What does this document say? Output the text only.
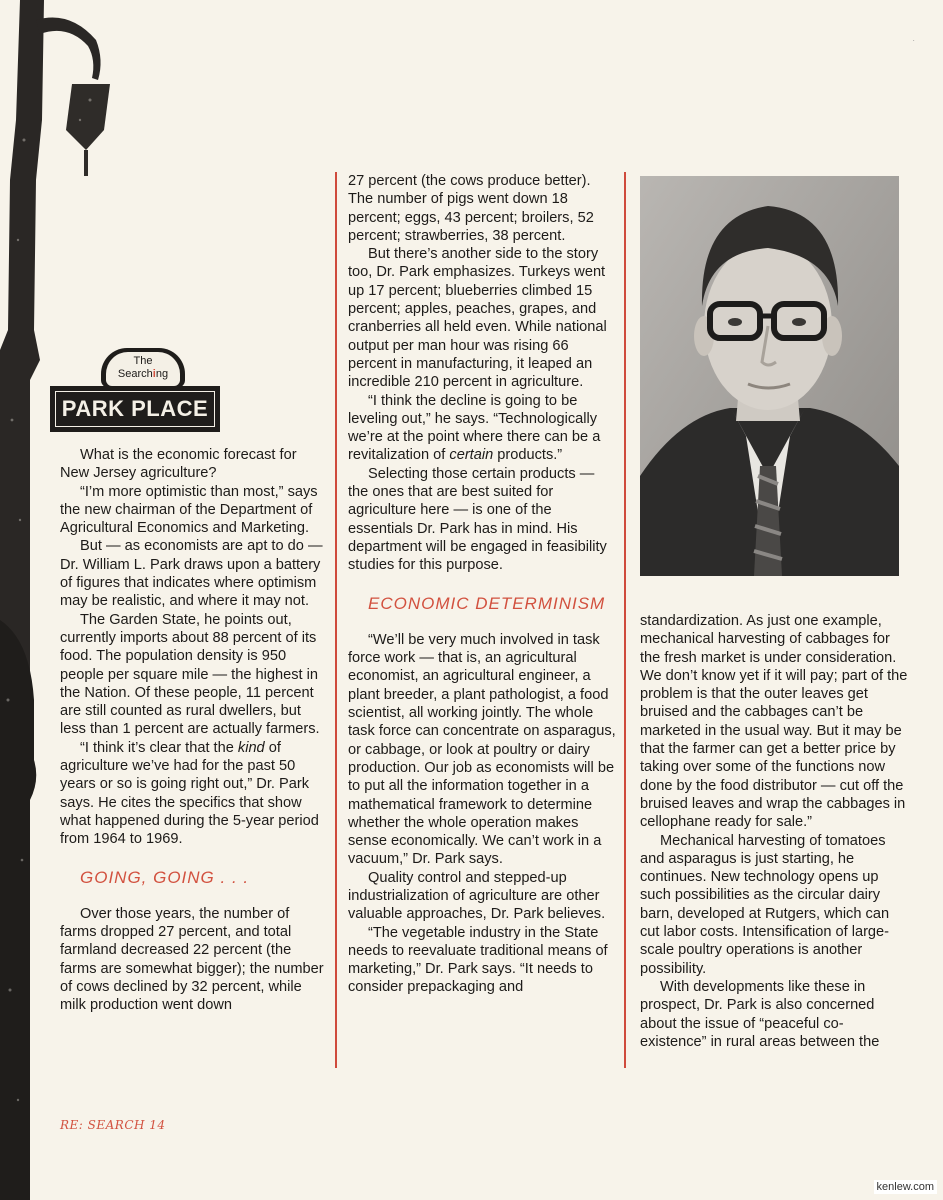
The
Searching
PARK PLACE

What is the economic forecast for New Jersey agriculture?

“I’m more optimistic than most,” says the new chairman of the Department of Agricultural Economics and Marketing.

But — as economists are apt to do — Dr. William L. Park draws upon a battery of figures that indicates where optimism may be realistic, and where it may not.

The Garden State, he points out, currently imports about 88 percent of its food. The population density is 950 people per square mile — the highest in the Nation. Of these people, 11 percent are still counted as rural dwellers, but less than 1 percent are actually farmers.

“I think it’s clear that the kind of agriculture we’ve had for the past 50 years or so is going right out,” Dr. Park says. He cites the specifics that show what happened during the 5-year period from 1964 to 1969.

GOING, GOING . . .

Over those years, the number of farms dropped 27 percent, and total farmland decreased 22 percent (the farms are somewhat bigger); the number of cows declined by 32 percent, while milk production went down

27 percent (the cows produce better). The number of pigs went down 18 percent; eggs, 43 percent; broilers, 52 percent; strawberries, 38 percent.

But there’s another side to the story too, Dr. Park emphasizes. Turkeys went up 17 percent; blueberries climbed 15 percent; apples, peaches, grapes, and cranberries all held even. While national output per man hour was rising 66 percent in manufacturing, it leaped an incredible 210 percent in agriculture.

“I think the decline is going to be leveling out,” he says. “Technologically we’re at the point where there can be a revitalization of certain products.”

Selecting those certain products — the ones that are best suited for agriculture here — is one of the essentials Dr. Park has in mind. His department will be engaged in feasibility studies for this purpose.

ECONOMIC DETERMINISM

“We’ll be very much involved in task force work — that is, an agricultural economist, an agricultural engineer, a plant breeder, a plant pathologist, a food scientist, all working jointly. The whole task force can concentrate on asparagus, or cabbage, or look at poultry or dairy production. Our job as economists will be to put all the information together in a mathematical framework to determine whether the whole operation makes sense economically. We can’t work in a vacuum,” Dr. Park says.

Quality control and stepped-up industrialization of agriculture are other valuable approaches, Dr. Park believes.

“The vegetable industry in the State needs to reevaluate traditional means of marketing,” Dr. Park says. “It needs to consider prepackaging and

standardization. As just one example, mechanical harvesting of cabbages for the fresh market is under consideration. We don’t know yet if it will pay; part of the problem is that the outer leaves get bruised and the cabbages can’t be marketed in the usual way. But it may be that the farmer can get a better price by taking over some of the functions now done by the food distributor — cut off the bruised leaves and wrap the cabbages in cellophane ready for sale.”

Mechanical harvesting of tomatoes and asparagus is just starting, he continues. New technology opens up such possibilities as the circular dairy barn, developed at Rutgers, which can cut labor costs. Intensification of large-scale poultry operations is another possibility.

With developments like these in prospect, Dr. Park is also concerned about the issue of “peaceful co-existence” in rural areas between the

RE: SEARCH 14
·
kenlew.com
